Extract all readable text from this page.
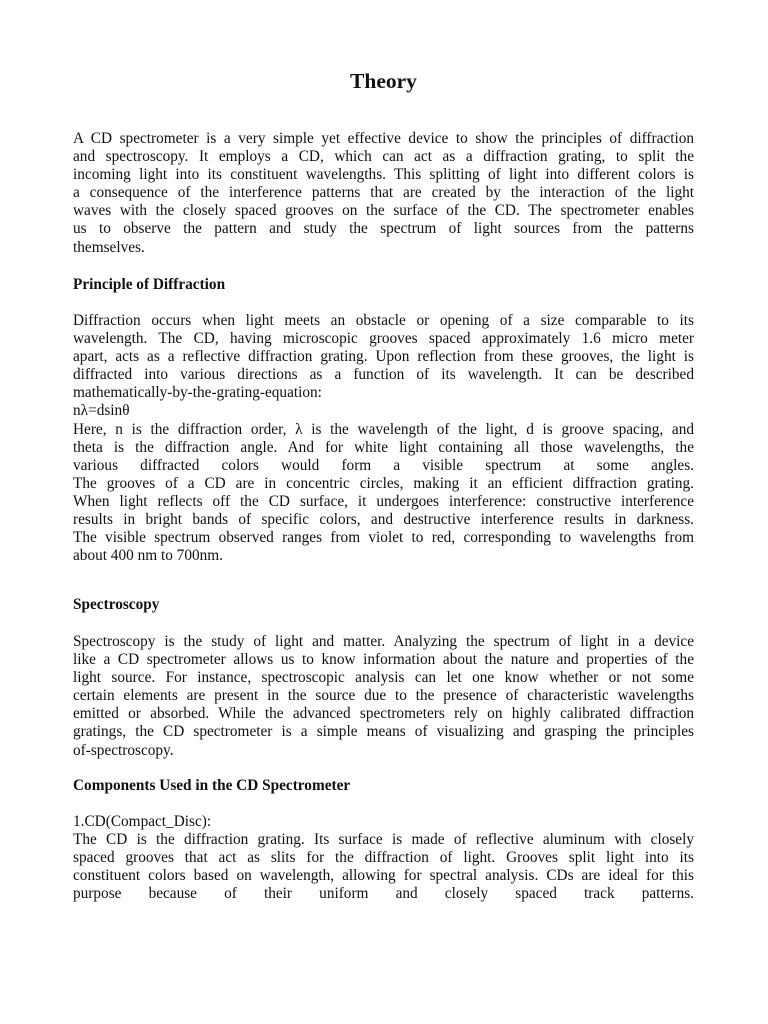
Theory
A CD spectrometer is a very simple yet effective device to show the principles of diffraction
and spectroscopy. It employs a CD, which can act as a diffraction grating, to split the
incoming light into its constituent wavelengths. This splitting of light into different colors is
a consequence of the interference patterns that are created by the interaction of the light
waves with the closely spaced grooves on the surface of the CD. The spectrometer enables
us to observe the pattern and study the spectrum of light sources from the patterns
themselves.
Principle of Diffraction
Diffraction occurs when light meets an obstacle or opening of a size comparable to its
wavelength. The CD, having microscopic grooves spaced approximately 1.6 micro meter
apart, acts as a reflective diffraction grating. Upon reflection from these grooves, the light is
diffracted into various directions as a function of its wavelength. It can be described
mathematically-by-the-grating-equation:
nλ=dsinθ
Here, n is the diffraction order, λ is the wavelength of the light, d is groove spacing, and
theta is the diffraction angle. And for white light containing all those wavelengths, the
various diffracted colors would form a visible spectrum at some angles.
The grooves of a CD are in concentric circles, making it an efficient diffraction grating.
When light reflects off the CD surface, it undergoes interference: constructive interference
results in bright bands of specific colors, and destructive interference results in darkness.
The visible spectrum observed ranges from violet to red, corresponding to wavelengths from
about 400 nm to 700nm.
Spectroscopy
Spectroscopy is the study of light and matter. Analyzing the spectrum of light in a device
like a CD spectrometer allows us to know information about the nature and properties of the
light source. For instance, spectroscopic analysis can let one know whether or not some
certain elements are present in the source due to the presence of characteristic wavelengths
emitted or absorbed. While the advanced spectrometers rely on highly calibrated diffraction
gratings, the CD spectrometer is a simple means of visualizing and grasping the principles
of-spectroscopy.
Components Used in the CD Spectrometer
1.CD(Compact_Disc):
The CD is the diffraction grating. Its surface is made of reflective aluminum with closely
spaced grooves that act as slits for the diffraction of light. Grooves split light into its
constituent colors based on wavelength, allowing for spectral analysis. CDs are ideal for this
purpose because of their uniform and closely spaced track patterns.
